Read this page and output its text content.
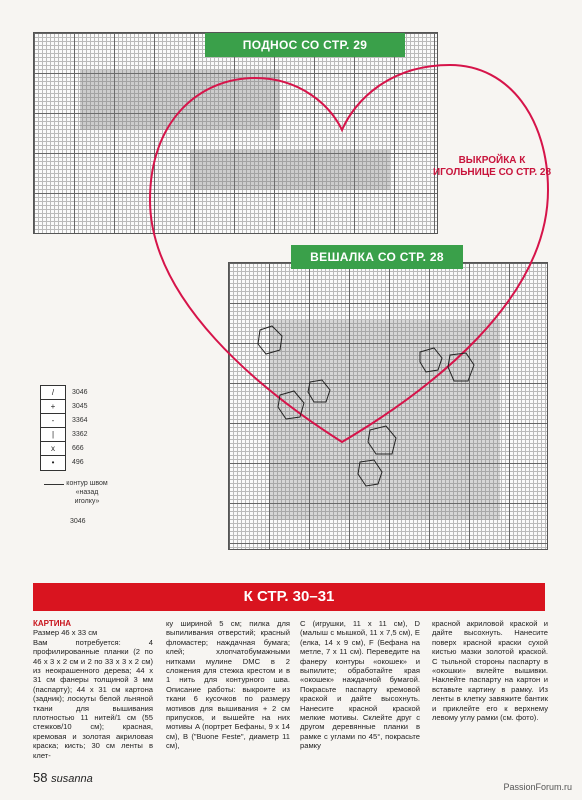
ПОДНОС СО СТР. 29
ВЕШАЛКА СО СТР. 28
ВЫКРОЙКА К ИГОЛЬНИЦЕ СО СТР. 28
/
+
-
|
x
•
3046
3045
3364
3362
666
496
контур швом «назад иголку»
3046
К СТР. 30–31
КАРТИНА
Размер 46 х 33 см
Вам потребуется: 4 профилированные планки (2 по 46 х 3 х 2 см и 2 по 33 х 3 х 2 см) из неокрашенного дерева; 44 х 31 см фанеры толщиной 3 мм (паспарту); 44 х 31 см картона (задник); лоскуты белой льняной ткани для вышивания плотностью 11 нитей/1 см (55 стежков/10 см); красная, кремовая и золотая акриловая краска; кисть; 30 см ленты в клет-
ку шириной 5 см; пилка для выпиливания отверстий; красный фломастер; наждачная бумага; клей; хлопчатобумажными нитками мулине DMC в 2 сложения для стежка крестом и в 1 нить для контурного шва. Описание работы: выкроите из ткани 6 кусочков по размеру мотивов для вышивания + 2 см припусков, и вышейте на них мотивы A (портрет Бефаны, 9 х 14 см), B ("Buone Feste", диаметр 11 см),
C (игрушки, 11 х 11 см), D (малыш с мышкой, 11 х 7,5 см), E (елка, 14 х 9 см), F (Бефана на метле, 7 х 11 см). Переведите на фанеру контуры «окошек» и выпилите; обработайте края «окошек» наждачной бумагой. Покрасьте паспарту кремовой краской и дайте высохнуть. Нанесите красной краской мелкие мотивы. Склейте друг с другом деревянные планки в рамке с углами по 45°, покрасьте рамку
красной акриловой краской и дайте высохнуть. Нанесите поверх красной краски сухой кистью мазки золотой краской. С тыльной стороны паспарту в «окошки» вклейте вышивки. Наклейте паспарту на картон и вставьте картину в рамку. Из ленты в клетку завяжите бантик и приклейте его к верхнему левому углу рамки (см. фото).
58 susanna
PassionForum.ru
